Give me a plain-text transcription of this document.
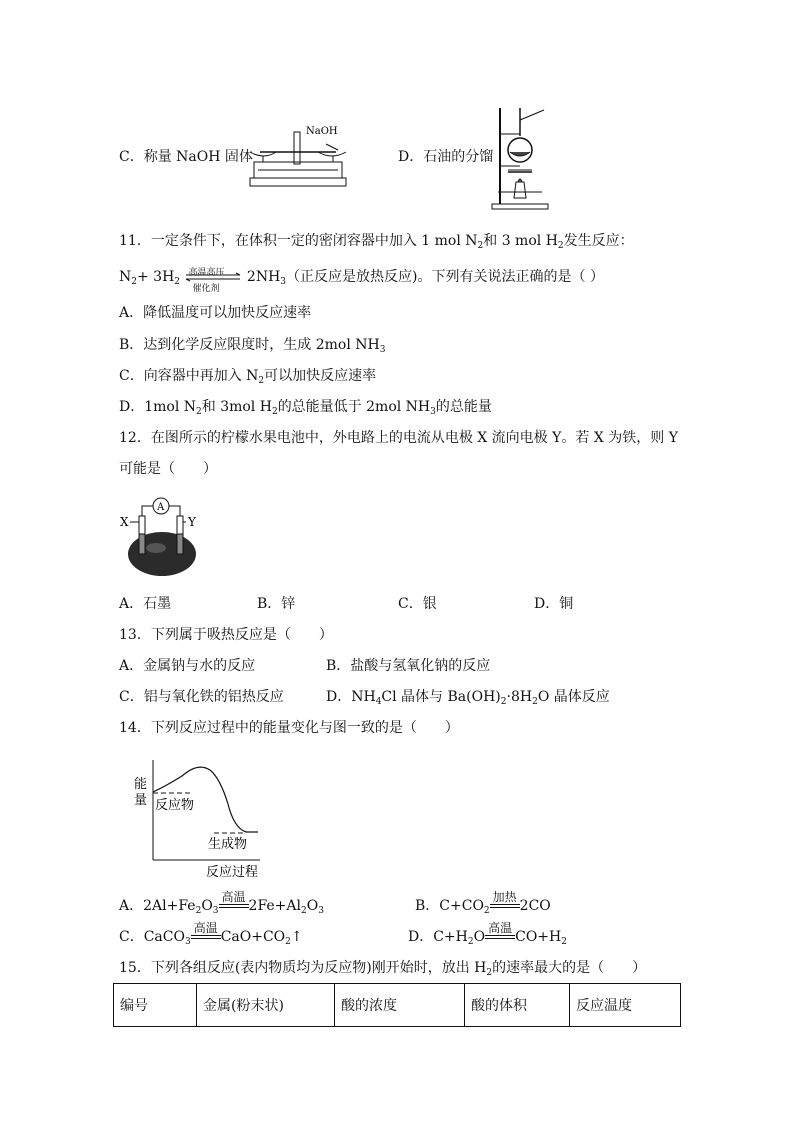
C．称量 NaOH 固体
NaOH
D．石油的分馏
11．一定条件下，在体积一定的密闭容器中加入 1 mol $N_2$和 3 mol $H_2$发生反应：
$N_2+ 3H_2$
高温高压
催化剂
$2NH_3$（正反应是放热反应)。下列有关说法正确的是（ ）
A．降低温度可以加快反应速率
B．达到化学反应限度时，生成 2mol $NH_3$
C．向容器中再加入 $N_2$可以加快反应速率
D．1mol $N_2$和 3mol $H_2$的总能量低于 2mol $NH_3$的总能量
12．在图所示的柠檬水果电池中，外电路上的电流从电极 X 流向电极 Y。若 X 为铁，则 Y
可能是（　　）
X	Y
A
A．石墨	B．锌	C．银	D．铜
13．下列属于吸热反应是（　　）
A．金属钠与水的反应	B．盐酸与氢氧化钠的反应
C．铝与氧化铁的铝热反应	D．$NH_4Cl$ 晶体与 $Ba(OH)_2\cdot 8H_2O$ 晶体反应
14．下列反应过程中的能量变化与图一致的是（　　）
能
量 反应物
生成物
反应过程
A．$2Al+Fe_2O_3$
高温
$2Fe+Al_2O_3$	B．$C+CO_2$
加热
2CO
C．CaCO$_3$
高温
$CaO+CO_2↑$	D．$C+H_2O$
高温
$CO+H_2$
15．下列各组反应(表内物质均为反应物)刚开始时，放出 $H_2$的速率最大的是（　　）
编号	金属(粉末状)	酸的浓度	酸的体积	反应温度
